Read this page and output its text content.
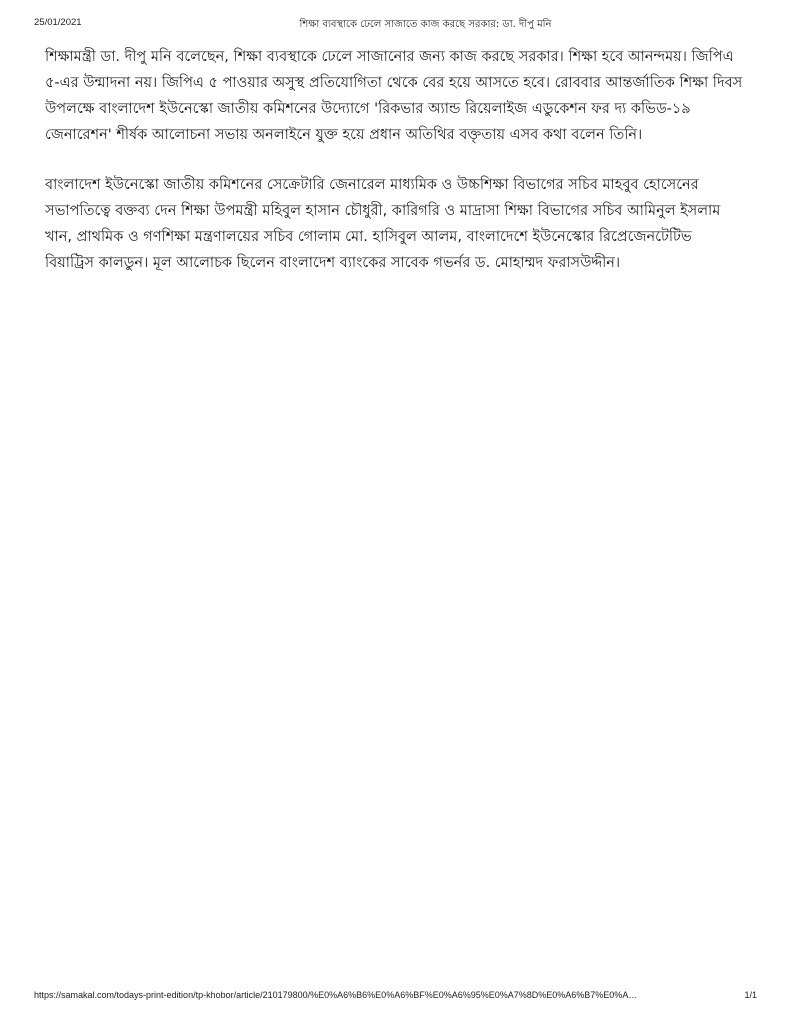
25/01/2021	শিক্ষা ব্যবস্থাকে ঢেলে সাজাতে কাজ করছে সরকার: ডা. দীপু মনি

শিক্ষামন্ত্রী ডা. দীপু মনি বলেছেন, শিক্ষা ব্যবস্থাকে ঢেলে সাজানোর জন্য কাজ করছে সরকার। শিক্ষা হবে আনন্দময়। জিপিএ ৫-এর উন্মাদনা নয়। জিপিএ ৫ পাওয়ার অসুস্থ প্রতিযোগিতা থেকে বের হয়ে আসতে হবে। রোববার আন্তর্জাতিক শিক্ষা দিবস উপলক্ষে বাংলাদেশ ইউনেস্কো জাতীয় কমিশনের উদ্যোগে 'রিকভার অ্যান্ড রিয়েলাইজ এডুকেশন ফর দ্য কভিড-১৯ জেনারেশন' শীর্ষক আলোচনা সভায় অনলাইনে যুক্ত হয়ে প্রধান অতিথির বক্তৃতায় এসব কথা বলেন তিনি।

বাংলাদেশ ইউনেস্কো জাতীয় কমিশনের সেক্রেটারি জেনারেল মাধ্যমিক ও উচ্চশিক্ষা বিভাগের সচিব মাহবুব হোসেনের সভাপতিত্বে বক্তব্য দেন শিক্ষা উপমন্ত্রী মহিবুল হাসান চৌধুরী, কারিগরি ও মাদ্রাসা শিক্ষা বিভাগের সচিব আমিনুল ইসলাম খান, প্রাথমিক ও গণশিক্ষা মন্ত্রণালয়ের সচিব গোলাম মো. হাসিবুল আলম, বাংলাদেশে ইউনেস্কোর রিপ্রেজেনটেটিভ বিয়াট্রিস কালডুন। মূল আলোচক ছিলেন বাংলাদেশ ব্যাংকের সাবেক গভর্নর ড. মোহাম্মদ ফরাসউদ্দীন।

https://samakal.com/todays-print-edition/tp-khobor/article/210179800/%E0%A6%B6%E0%A6%BF%E0%A6%95%E0%A7%8D%E0%A6%B7%E0%A…	1/1
